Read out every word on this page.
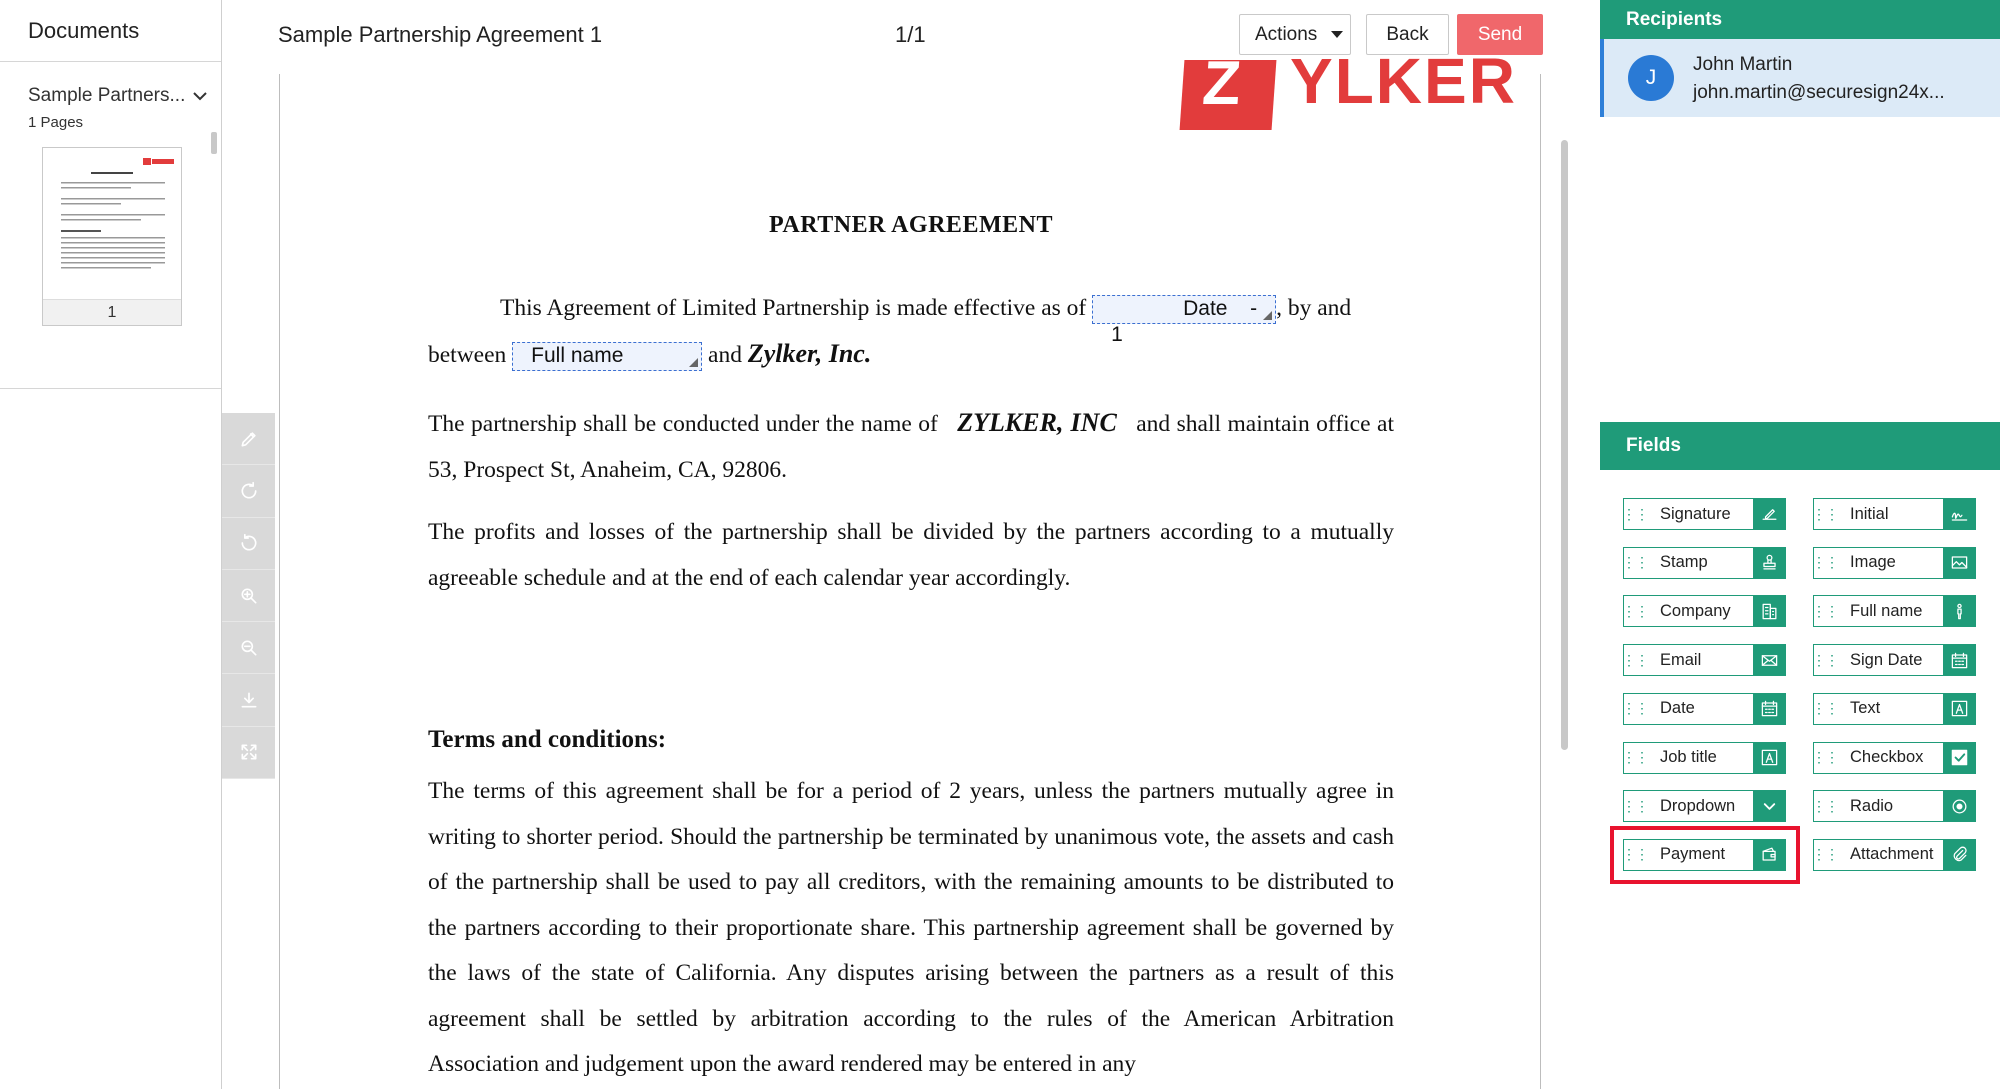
Documents
Sample Partners...
1 Pages
1
Sample Partnership Agreement 1	1/1	Actions	Back	Send
Z YLKER
PARTNER AGREEMENT
This Agreement of Limited Partnership is made effective as of	Date - 1
, by and
between Full name	and Zylker, Inc.
The partnership shall be conducted under the name of ZYLKER, INC and shall maintain office at 53, Prospect St, Anaheim, CA, 92806.
The profits and losses of the partnership shall be divided by the partners according to a mutually agreeable schedule and at the end of each calendar year accordingly.
Terms and conditions:
The terms of this agreement shall be for a period of 2 years, unless the partners mutually agree in writing to shorter period. Should the partnership be terminated by unanimous vote, the assets and cash of the partnership shall be used to pay all creditors, with the remaining amounts to be distributed to the partners according to their proportionate share. This partnership agreement shall be governed by the laws of the state of California. Any disputes arising between the partners as a result of this agreement shall be settled by arbitration according to the rules of the American Arbitration Association and judgement upon the award rendered may be entered in any
Recipients
J
John Martin
john.martin@securesign24x...
Fields
⋮⋮ Signature	⋮⋮ Initial
⋮⋮ Stamp	⋮⋮ Image
⋮⋮ Company	⋮⋮ Full name
⋮⋮ Email	⋮⋮ Sign Date
⋮⋮ Date	⋮⋮ Text
⋮⋮ Job title	⋮⋮ Checkbox
⋮⋮ Dropdown	⋮⋮ Radio
⋮⋮ Payment	⋮⋮ Attachment
